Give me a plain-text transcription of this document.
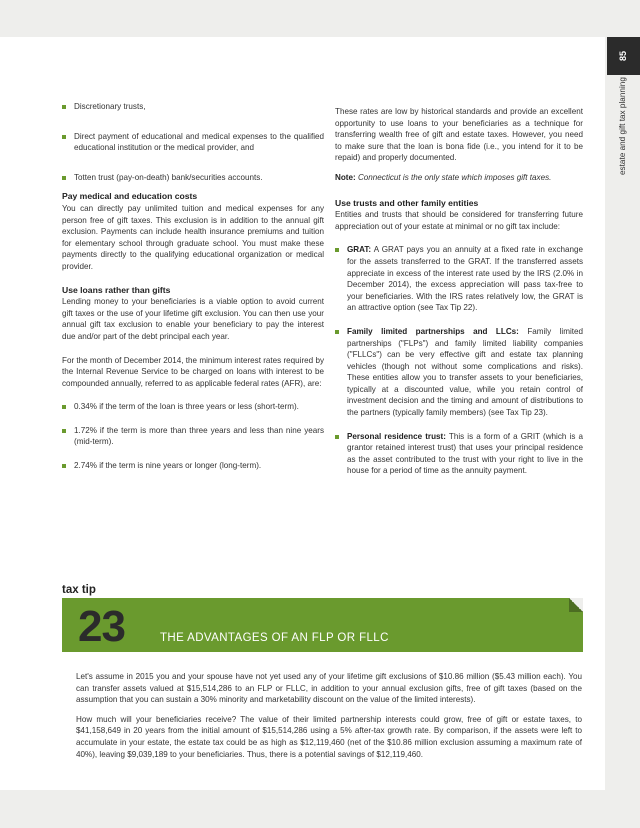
85
estate and gift tax planning
Discretionary trusts,
Direct payment of educational and medical expenses to the qualified educational institution or the medical provider, and
Totten trust (pay-on-death) bank/securities accounts.
Pay medical and education costs

You can directly pay unlimited tuition and medical expenses for any person free of gift taxes. This exclusion is in addition to the annual gift exclusion. Payments can include health insurance premiums and tuition for elementary school through graduate school. You must make these payments directly to the qualifying educational organization or medical provider.

Use loans rather than gifts

Lending money to your beneficiaries is a viable option to avoid current gift taxes or the use of your lifetime gift exclusion. You can then use your annual gift tax exclusion to enable your beneficiary to pay the interest due and/or part of the debt principal each year.

For the month of December 2014, the minimum interest rates required by the Internal Revenue Service to be charged on loans with interest to be compounded annually, referred to as applicable federal rates (AFR), are:

0.34% if the term of the loan is three years or less (short-term).
1.72% if the term is more than three years and less than nine years (mid-term).
2.74% if the term is nine years or longer (long-term).

These rates are low by historical standards and provide an excellent opportunity to use loans to your beneficiaries as a technique for transferring wealth free of gift and estate taxes. However, you need to make sure that the loan is bona fide (i.e., you intend for it to be repaid) and properly documented.

Note: Connecticut is the only state which imposes gift taxes.

Use trusts and other family entities

Entities and trusts that should be considered for transferring future appreciation out of your estate at minimal or no gift tax include:

GRAT: A GRAT pays you an annuity at a fixed rate in exchange for the assets transferred to the GRAT. If the transferred assets appreciate in excess of the interest rate used by the IRS (2.0% in December 2014), the excess appreciation will pass tax-free to your beneficiaries. With the IRS rates relatively low, the GRAT is an attractive option (see Tax Tip 22).
Family limited partnerships and LLCs: Family limited partnerships ("FLPs") and family limited liability companies ("FLLCs") can be very effective gift and estate tax planning vehicles (though not without some complications and risks). These entities allow you to transfer assets to your beneficiaries, typically at a discounted value, while you retain control of investment decision and the timing and amount of distributions to the partners (typically family members) (see Tax Tip 23).
Personal residence trust: This is a form of a GRIT (which is a grantor retained interest trust) that uses your principal residence as the asset contributed to the trust with your right to live in the house for a period of time as the annuity payment.
tax tip
23	THE ADVANTAGES OF AN FLP OR FLLC

Let's assume in 2015 you and your spouse have not yet used any of your lifetime gift exclusions of $10.86 million ($5.43 million each). You can transfer assets valued at $15,514,286 to an FLP or FLLC, in addition to your annual exclusion gifts, free of gift taxes (based on the assumption that you can sustain a 30% minority and marketability discount on the value of the limited interests).

How much will your beneficiaries receive? The value of their limited partnership interests could grow, free of gift or estate taxes, to $41,158,649 in 20 years from the initial amount of $15,514,286 using a 5% after-tax growth rate. By comparison, if the assets were left to accumulate in your estate, the estate tax could be as high as $12,119,460 (net of the $10.86 million exclusion assuming a maximum rate of 40%), leaving $9,039,189 to your beneficiaries. Thus, there is a potential savings of $12,119,460.
